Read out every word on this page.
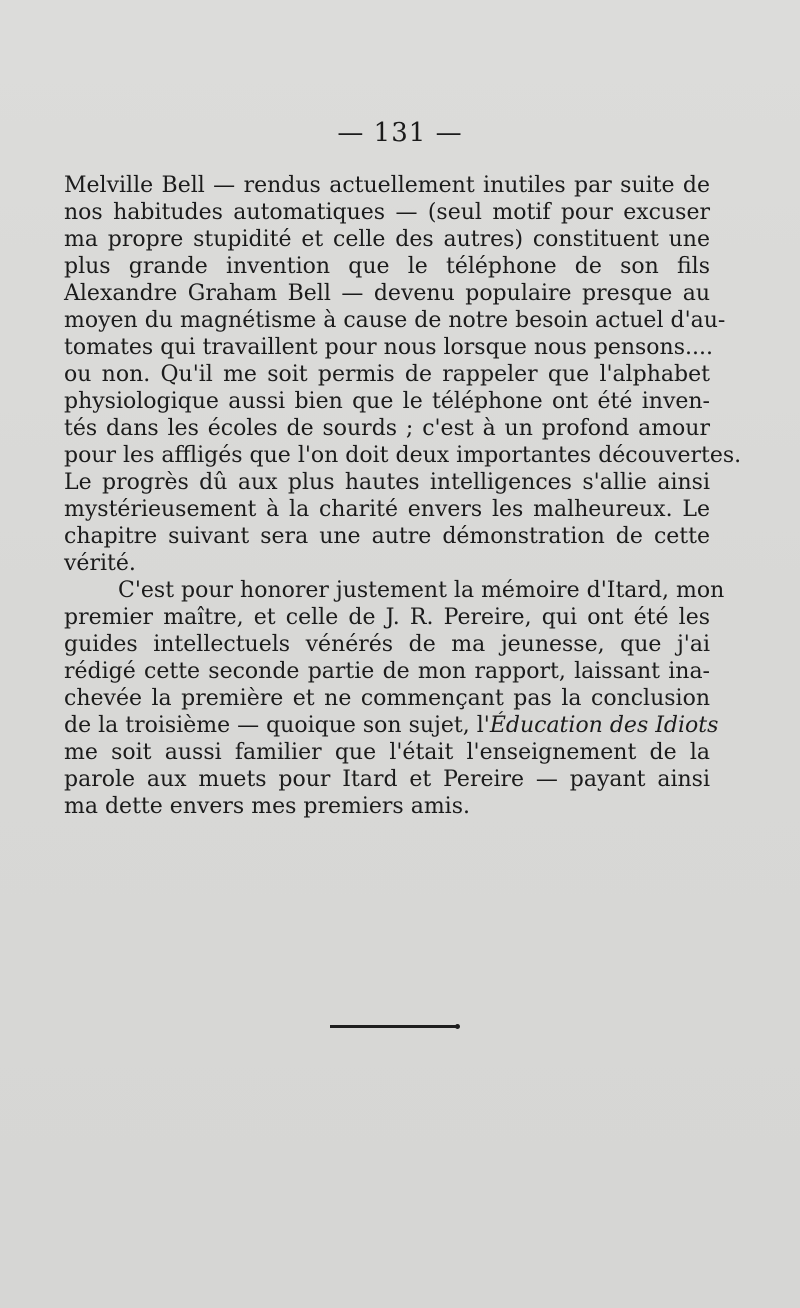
— 131 —
Melville Bell — rendus actuellement inutiles par suite de
nos habitudes automatiques — (seul motif pour excuser
ma propre stupidité et celle des autres) constituent une
plus grande invention que le téléphone de son fils
Alexandre Graham Bell — devenu populaire presque au
moyen du magnétisme à cause de notre besoin actuel d'au-
tomates qui travaillent pour nous lorsque nous pensons....
ou non. Qu'il me soit permis de rappeler que l'alphabet
physiologique aussi bien que le téléphone ont été inven-
tés dans les écoles de sourds ; c'est à un profond amour
pour les affligés que l'on doit deux importantes découvertes.
Le progrès dû aux plus hautes intelligences s'allie ainsi
mystérieusement à la charité envers les malheureux. Le
chapitre suivant sera une autre démonstration de cette
vérité.
C'est pour honorer justement la mémoire d'Itard, mon
premier maître, et celle de J. R. Pereire, qui ont été les
guides intellectuels vénérés de ma jeunesse, que j'ai
rédigé cette seconde partie de mon rapport, laissant ina-
chevée la première et ne commençant pas la conclusion
de la troisième — quoique son sujet, l'Éducation des Idiots
me soit aussi familier que l'était l'enseignement de la
parole aux muets pour Itard et Pereire — payant ainsi
ma dette envers mes premiers amis.
